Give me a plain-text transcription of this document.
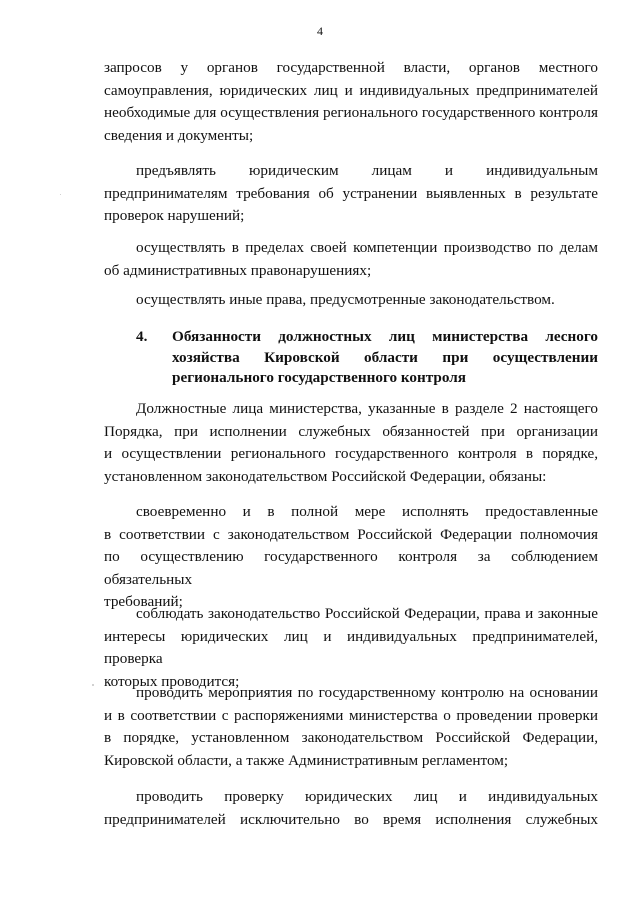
4
запросов у органов государственной власти, органов местного
самоуправления, юридических лиц и индивидуальных предпринимателей
необходимые для осуществления регионального государственного контроля
сведения и документы;
предъявлять юридическим лицам и индивидуальным
предпринимателям требования об устранении выявленных в результате
проверок нарушений;
осуществлять в пределах своей компетенции производство по делам
об административных правонарушениях;
осуществлять иные права, предусмотренные законодательством.
4. Обязанности должностных лиц министерства лесного
хозяйства Кировской области при осуществлении
регионального государственного контроля
Должностные лица министерства, указанные в разделе 2 настоящего
Порядка, при исполнении служебных обязанностей при организации
и осуществлении регионального государственного контроля в порядке,
установленном законодательством Российской Федерации, обязаны:
своевременно и в полной мере исполнять предоставленные
в соответствии с законодательством Российской Федерации полномочия
по осуществлению государственного контроля за соблюдением обязательных
требований;
соблюдать законодательство Российской Федерации, права и законные
интересы юридических лиц и индивидуальных предпринимателей, проверка
которых проводится;
проводить мероприятия по государственному контролю на основании
и в соответствии с распоряжениями министерства о проведении проверки
в порядке, установленном законодательством Российской Федерации,
Кировской области, а также Административным регламентом;
проводить проверку юридических лиц и индивидуальных
предпринимателей исключительно во время исполнения служебных
